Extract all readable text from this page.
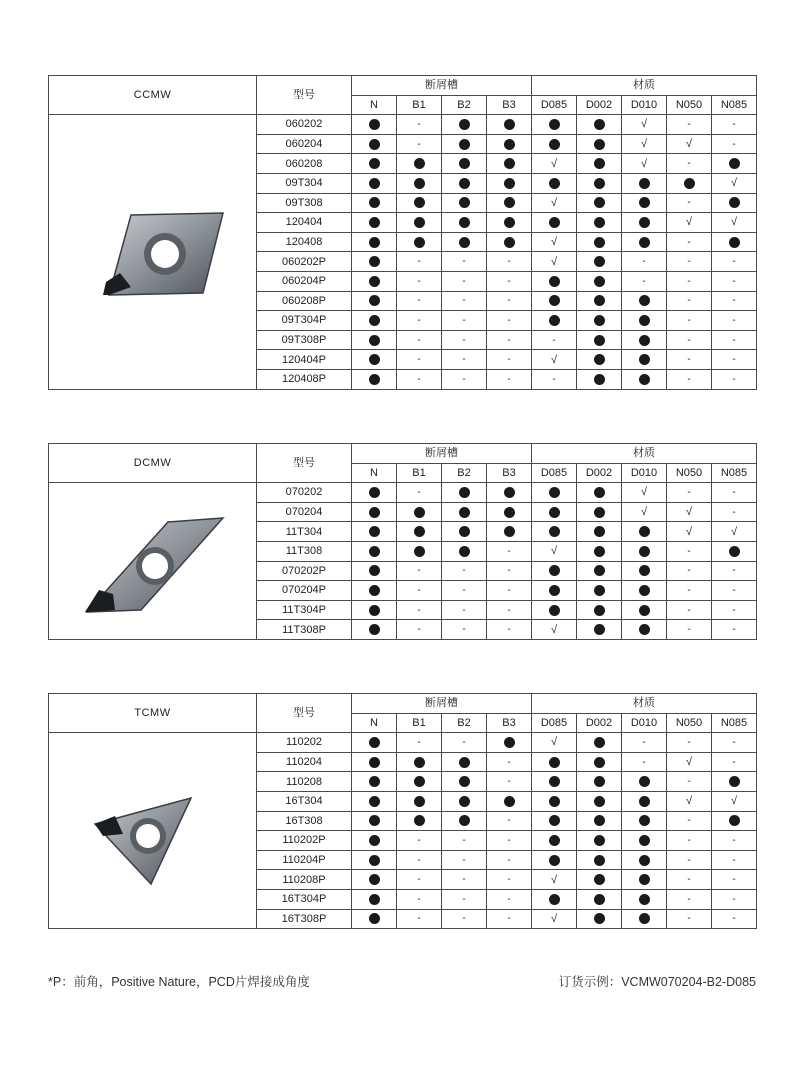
CCMW	型号	断屑槽				材质				
		N	B1	B2	B3	D085	D002	D010	N050	N085

	060202		-					√	-	-
	060204		-					√	√	-
	060208					√		√	-	
	09T304									√
	09T308					√			-	
	120404								√	√
	120408					√			-	
	060202P		-	-	-	√		-	-	-
	060204P		-	-	-			-	-	-
	060208P		-	-	-				-	-
	09T304P		-	-	-				-	-
	09T308P		-	-	-	-			-	-
	120404P		-	-	-	√			-	-
	120408P		-	-	-	-			-	-
DCMW	型号	断屑槽				材质				
		N	B1	B2	B3	D085	D002	D010	N050	N085

	070202		-					√	-	-
	070204							√	√	-
	11T304								√	√
	11T308				-	√			-	
	070202P		-	-	-				-	-
	070204P		-	-	-				-	-
	11T304P		-	-	-				-	-
	11T308P		-	-	-	√			-	-
TCMW	型号	断屑槽				材质				
		N	B1	B2	B3	D085	D002	D010	N050	N085

	110202		-	-		√		-	-	-
	110204				-			-	√	-
	110208				-				-	
	16T304								√	√
	16T308				-				-	
	110202P		-	-	-				-	-
	110204P		-	-	-				-	-
	110208P		-	-	-	√			-	-
	16T304P		-	-	-				-	-
	16T308P		-	-	-	√			-	-
*P：前角，Positive Nature，PCD片焊接成角度	订货示例：VCMW070204-B2-D085
